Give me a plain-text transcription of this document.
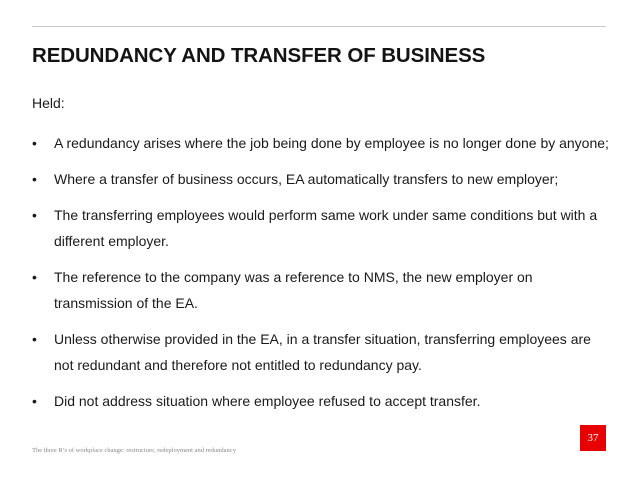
REDUNDANCY AND TRANSFER OF BUSINESS
Held:
• A redundancy arises where the job being done by employee is no longer done by anyone;
• Where a transfer of business occurs, EA automatically transfers to new employer;
• The transferring employees would perform same work under same conditions but with a different employer.
• The reference to the company was a reference to NMS, the new employer on transmission of the EA.
• Unless otherwise provided in the EA, in a transfer situation, transferring employees are not redundant and therefore not entitled to redundancy pay.
• Did not address situation where employee refused to accept transfer.
37
The three R’s of workplace change: restructure, redeployment and redundancy
